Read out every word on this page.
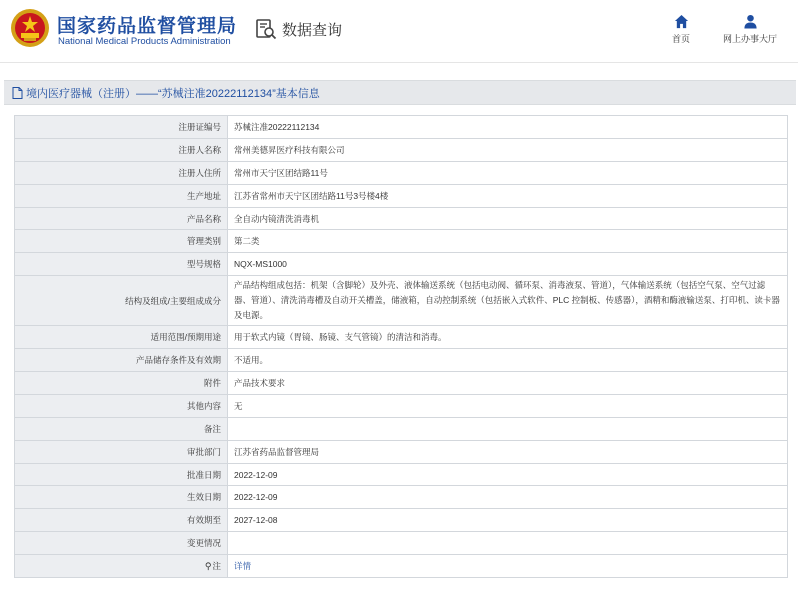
国家药品监督管理局
National Medical Products Administration
数据查询
首页	网上办事大厅
境内医疗器械（注册）——“苏械注准20222112134”基本信息
注册证编号	苏械注准20222112134
注册人名称	常州美德昇医疗科技有限公司
注册人住所	常州市天宁区团结路11号
生产地址	江苏省常州市天宁区团结路11号3号楼4楼
产品名称	全自动内镜清洗消毒机
管理类别	第二类
型号规格	NQX-MS1000
结构及组成/主要组成成分	产品结构组成包括：机架（含脚轮）及外壳、液体输送系统（包括电动阀、循环泵、消毒液泵、管道），气体输送系统（包括空气泵、空气过滤器、管道）、清洗消毒槽及自动开关槽盖，储液箱，自动控制系统（包括嵌入式软件、PLC 控制板、传感器），酒精和酶液输送泵、打印机、读卡器及电源。
适用范围/预期用途	用于软式内镜（胃镜、肠镜、支气管镜）的清洁和消毒。
产品储存条件及有效期	不适用。
附件	产品技术要求
其他内容	无
备注	
审批部门	江苏省药品监督管理局
批准日期	2022-12-09
生效日期	2022-12-09
有效期至	2027-12-08
变更情况	
⚲注	详情
